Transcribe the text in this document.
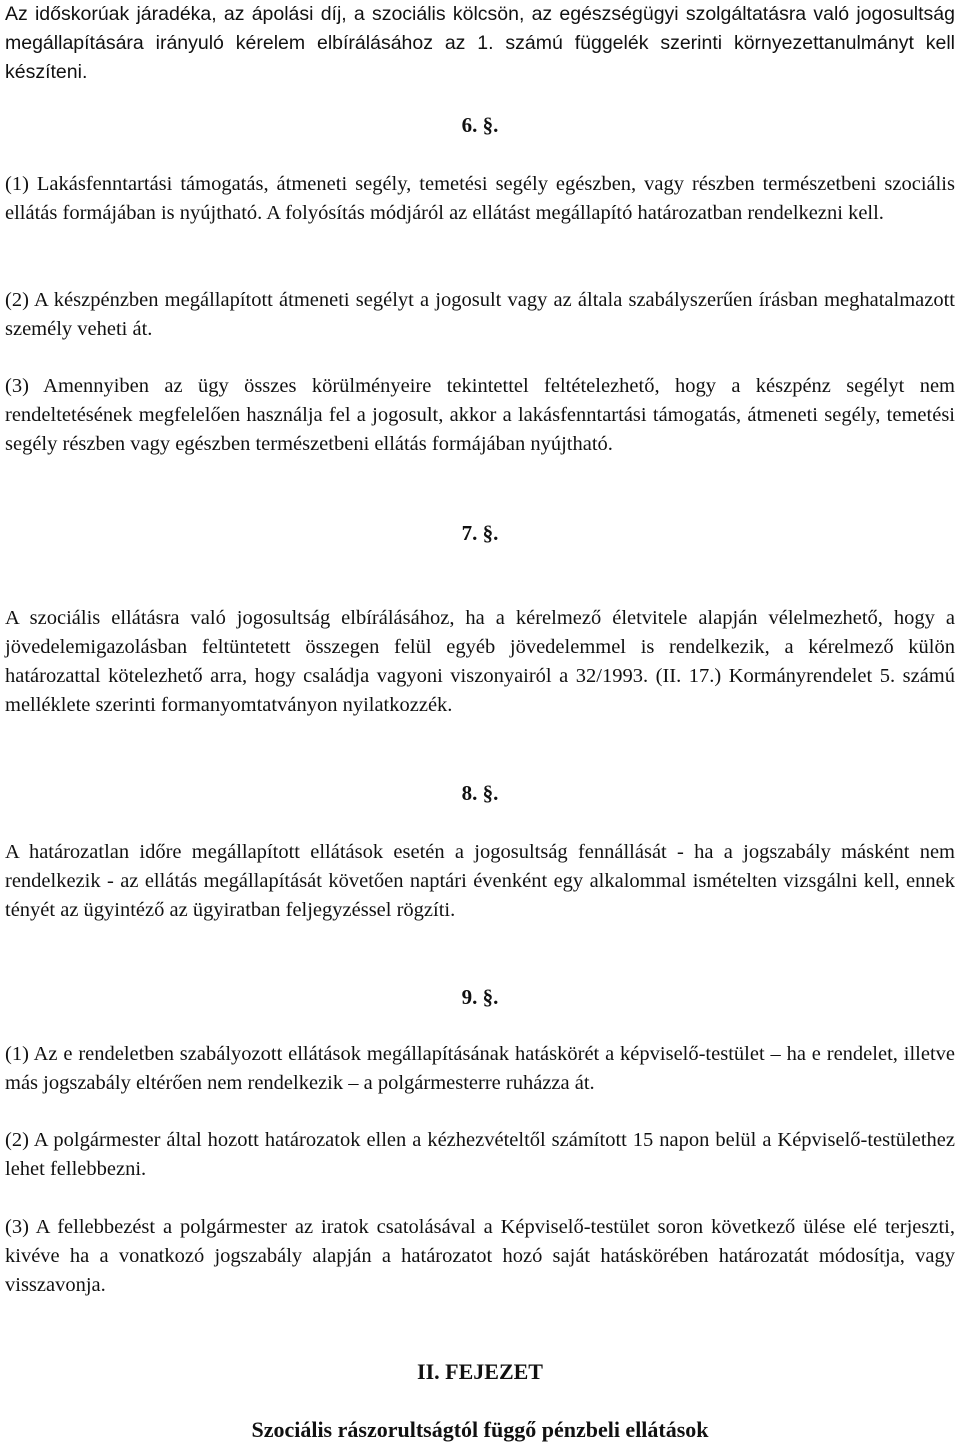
Az időskorúak járadéka, az ápolási díj, a szociális kölcsön, az egészségügyi szolgáltatásra való jogosultság megállapítására irányuló kérelem elbírálásához az 1. számú függelék szerinti környezettanulmányt kell készíteni.

6. §.

(1) Lakásfenntartási támogatás, átmeneti segély, temetési segély egészben, vagy részben természetbeni szociális ellátás formájában is nyújtható. A folyósítás módjáról az ellátást megállapító határozatban rendelkezni kell.

(2) A készpénzben megállapított átmeneti segélyt a jogosult vagy az általa szabályszerűen írásban meghatalmazott személy veheti át.

(3) Amennyiben az ügy összes körülményeire tekintettel feltételezhető, hogy a készpénz segélyt nem rendeltetésének megfelelően használja fel a jogosult, akkor a lakásfenntartási támogatás, átmeneti segély, temetési segély részben vagy egészben természetbeni ellátás formájában nyújtható.

7. §.

A szociális ellátásra való jogosultság elbírálásához, ha a kérelmező életvitele alapján vélelmezhető, hogy a jövedelemigazolásban feltüntetett összegen felül egyéb jövedelemmel is rendelkezik, a kérelmező külön határozattal kötelezhető arra, hogy családja vagyoni viszonyairól a 32/1993. (II. 17.) Kormányrendelet 5. számú melléklete szerinti formanyomtatványon nyilatkozzék.

8. §.

A határozatlan időre megállapított ellátások esetén a jogosultság fennállását - ha a jogszabály másként nem rendelkezik - az ellátás megállapítását követően naptári évenként egy alkalommal ismételten vizsgálni kell, ennek tényét az ügyintéző az ügyiratban feljegyzéssel rögzíti.

9. §.

(1) Az e rendeletben szabályozott ellátások megállapításának hatáskörét a képviselő-testület – ha e rendelet, illetve más jogszabály eltérően nem rendelkezik – a polgármesterre ruházza át.

(2) A polgármester által hozott határozatok ellen a kézhezvételtől számított 15 napon belül a Képviselő-testülethez lehet fellebbezni.

(3) A fellebbezést a polgármester az iratok csatolásával a Képviselő-testület soron következő ülése elé terjeszti, kivéve ha a vonatkozó jogszabály alapján a határozatot hozó saját hatáskörében határozatát módosítja, vagy visszavonja.

II. FEJEZET
Szociális rászorultságtól függő pénzbeli ellátások
